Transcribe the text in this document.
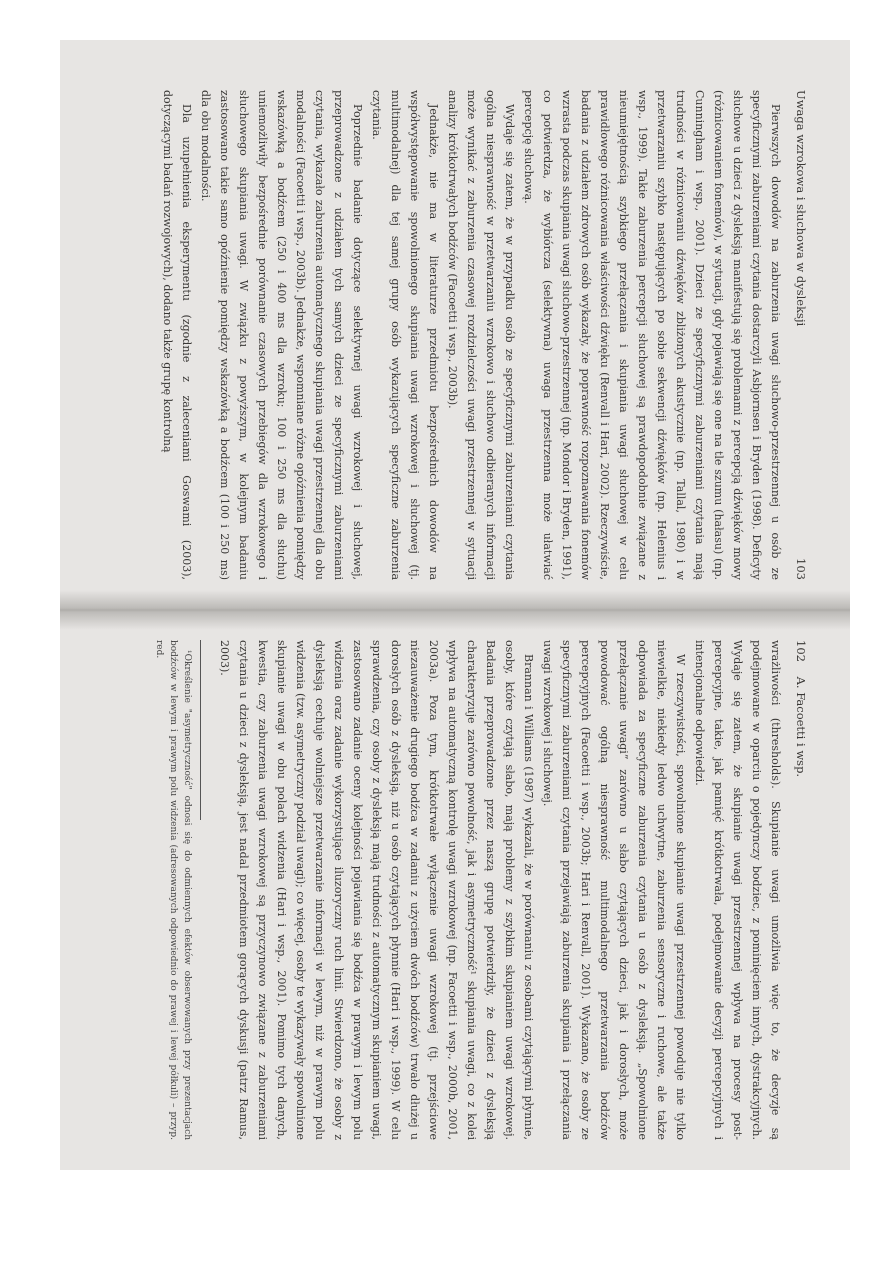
Uwaga wzrokowa i słuchowa w dysleksji
103

Pierwszych dowodów na zaburzenia uwagi słuchowo-przestrzennej u osób ze specyficznymi zaburzeniami czytania dostarczyli Asbjornsen i Bryden (1998). Deficyty słuchowe u dzieci z dysleksją manifestują się problemami z percepcją dźwięków mowy (różnicowaniem fonemów), w sytuacji, gdy pojawiają się one na tle szumu (hałasu) (np. Cunningham i wsp., 2001). Dzieci ze specyficznymi zaburzeniami czytania mają trudności w różnicowaniu dźwięków zbliżonych akustycznie (np. Tallal, 1980) i w przetwarzaniu szybko następujących po sobie sekwencji dźwięków (np. Helenius i wsp., 1999). Takie zaburzenia percepcji słuchowej są prawdopodobnie związane z nieumiejętnością szybkiego przełączania i skupiania uwagi słuchowej w celu prawidłowego różnicowania właściwości dźwięku (Renvall i Hari, 2002). Rzeczywiście, badania z udziałem zdrowych osób wykazały, że poprawność rozpoznawania fonemów wzrasta podczas skupiania uwagi słuchowo-przestrzennej (np. Mondor i Bryden, 1991), co potwierdza, że wybiórcza (selektywna) uwaga przestrzenna może ułatwiać percepcję słuchową.

Wydaje się zatem, że w przypadku osób ze specyficznymi zaburzeniami czytania ogólna niesprawność w przetwarzaniu wzrokowo i słuchowo odbieranych informacji może wynikać z zaburzenia czasowej rozdzielczości uwagi przestrzennej w sytuacji analizy krótkotrwałych bodźców (Facoetti i wsp., 2003b).

Jednakże, nie ma w literaturze przedmiotu bezpośrednich dowodów na współwystępowanie spowolnionego skupiania uwagi wzrokowej i słuchowej (tj. multimodalnej) dla tej samej grupy osób wykazujących specyficzne zaburzenia czytania.

Poprzednie badanie dotyczące selektywnej uwagi wzrokowej i słuchowej, przeprowadzone z udziałem tych samych dzieci ze specyficznymi zaburzeniami czytania, wykazało zaburzenia automatycznego skupiania uwagi przestrzennej dla obu modalności (Facoetti i wsp., 2003b). Jednakże, wspomniane różne opóźnienia pomiędzy wskazówką a bodźcem (250 i 400 ms dla wzroku; 100 i 250 ms dla słuchu) uniemożliwiły bezpośrednie porównanie czasowych przebiegów dla wzrokowego i słuchowego skupiania uwagi. W związku z powyższym, w kolejnym badaniu zastosowano takie samo opóźnienie pomiędzy wskazówką a bodźcem (100 i 250 ms) dla obu modalności.

Dla uzupełnienia eksperymentu (zgodnie z zaleceniami Goswami (2003), dotyczącymi badań rozwojowych), dodano także grupę kontrolną

102    A. Facoetti i wsp.

wrażliwości (thresholds). Skupianie uwagi umożliwia więc to, że decyzje są podejmowane w oparciu o pojedynczy bodziec, z pominięciem innych, dystrakcyjnych. Wydaje się zatem, że skupianie uwagi przestrzennej wpływa na procesy post-percepcyjne, takie, jak pamięć krótkotrwała, podejmowanie decyzji percepcyjnych i intencjonalne odpowiedzi.

W rzeczywistości, spowolnione skupianie uwagi przestrzennej powoduje nie tylko niewielkie, niekiedy ledwo uchwytne, zaburzenia sensoryczne i ruchowe, ale także odpowiada za specyficzne zaburzenia czytania u osób z dysleksją. „Spowolnione przełączanie uwagi” zarówno u słabo czytających dzieci, jak i dorosłych, może powodować ogólną niesprawność multimodalnego przetwarzania bodźców percepcyjnych (Facoetti i wsp., 2003b; Hari i Renvall, 2001). Wykazano, że osoby ze specyficznymi zaburzeniami czytania przejawiają zaburzenia skupiania i przełączania uwagi wzrokowej i słuchowej.

Brannan i Williams (1987) wykazali, że w porównaniu z osobami czytającymi płynnie, osoby, które czytają słabo, mają problemy z szybkim skupianiem uwagi wzrokowej. Badania przeprowadzone przez naszą grupę potwierdziły, że dzieci z dysleksją charakteryzuje zarówno powolność, jak i asymetryczność¹ skupiania uwagi, co z kolei wpływa na automatyczną kontrolę uwagi wzrokowej (np. Facoetti i wsp., 2000b, 2001, 2003a). Poza tym, krótkotrwałe wyłączenie uwagi wzrokowej (tj. przejściowe niezauważenie drugiego bodźca w zadaniu z użyciem dwóch bodźców) trwało dłużej u dorosłych osób z dysleksją, niż u osób czytających płynnie (Hari i wsp., 1999). W celu sprawdzenia, czy osoby z dysleksją mają trudności z automatycznym skupianiem uwagi, zastosowano zadanie oceny kolejności pojawiania się bodźca w prawym i lewym polu widzenia oraz zadanie wykorzystujące iluzoryczny ruch linii. Stwierdzono, że osoby z dysleksją cechuje wolniejsze przetwarzanie informacji w lewym, niż w prawym polu widzenia (tzw. asymetryczny podział uwagi); co więcej, osoby te wykazywały spowolnione skupianie uwagi w obu polach widzenia (Hari i wsp., 2001). Pomimo tych danych, kwestia, czy zaburzenia uwagi wzrokowej są przyczynowo związane z zaburzeniami czytania u dzieci z dysleksją, jest nadal przedmiotem gorących dyskusji (patrz Ramus, 2003).

¹Określenie "asymetryczność" odnosi się do odmiennych efektów obserwowanych przy prezentacjach bodźców w lewym i prawym polu widzenia (adresowanych odpowiednio do prawej i lewej półkuli) – przyp. red.
